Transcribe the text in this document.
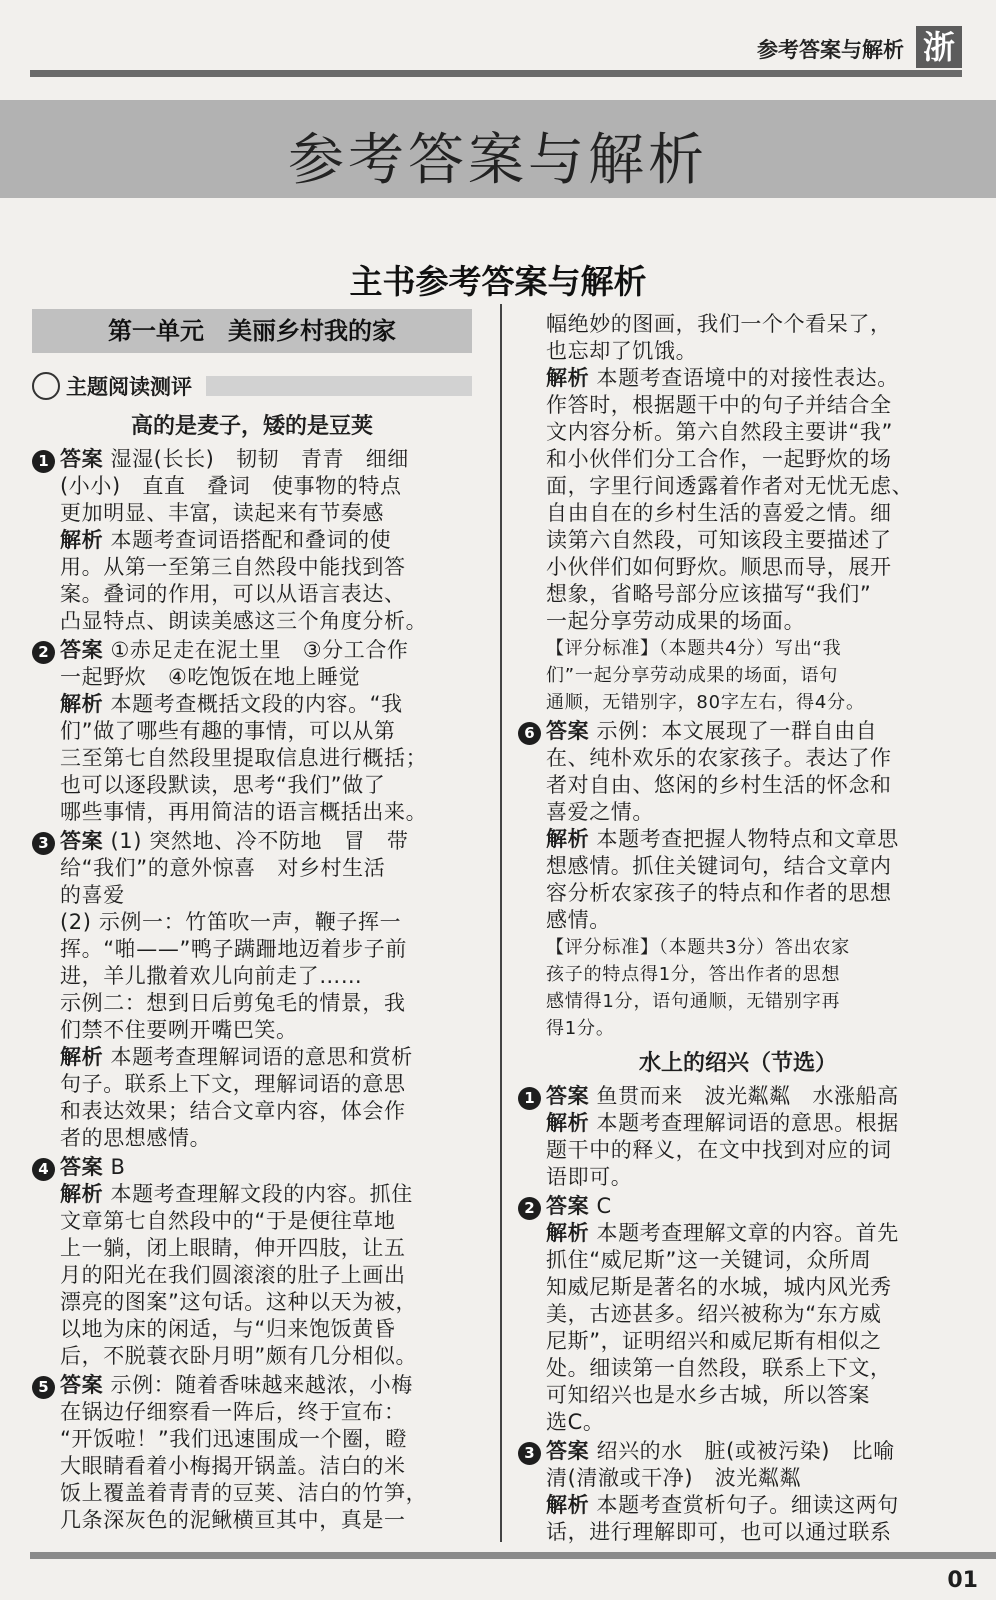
参考答案与解析 浙
参考答案与解析
主书参考答案与解析
第一单元　美丽乡村我的家
主题阅读测评
高的是麦子，矮的是豆荚
1 答案 湿湿(长长)　韧韧　青青　细细
(小小)　直直　叠词　使事物的特点
更加明显、丰富，读起来有节奏感
解析 本题考查词语搭配和叠词的使
用。从第一至第三自然段中能找到答
案。叠词的作用，可以从语言表达、
凸显特点、朗读美感这三个角度分析。
2 答案 ①赤足走在泥土里　③分工合作
一起野炊　④吃饱饭在地上睡觉
解析 本题考查概括文段的内容。“我
们”做了哪些有趣的事情，可以从第
三至第七自然段里提取信息进行概括；
也可以逐段默读，思考“我们”做了
哪些事情，再用简洁的语言概括出来。
3 答案 (1) 突然地、冷不防地　冒　带
给“我们”的意外惊喜　对乡村生活
的喜爱
(2) 示例一：竹笛吹一声，鞭子挥一
挥。“啪——”鸭子蹒跚地迈着步子前
进，羊儿撒着欢儿向前走了……
示例二：想到日后剪兔毛的情景，我
们禁不住要咧开嘴巴笑。
解析 本题考查理解词语的意思和赏析
句子。联系上下文，理解词语的意思
和表达效果；结合文章内容，体会作
者的思想感情。
4 答案 B
解析 本题考查理解文段的内容。抓住
文章第七自然段中的“于是便往草地
上一躺，闭上眼睛，伸开四肢，让五
月的阳光在我们圆滚滚的肚子上画出
漂亮的图案”这句话。这种以天为被，
以地为床的闲适，与“归来饱饭黄昏
后，不脱蓑衣卧月明”颇有几分相似。
5 答案 示例：随着香味越来越浓，小梅
在锅边仔细察看一阵后，终于宣布：
“开饭啦！”我们迅速围成一个圈，瞪
大眼睛看着小梅揭开锅盖。洁白的米
饭上覆盖着青青的豆荚、洁白的竹笋，
几条深灰色的泥鳅横亘其中，真是一
幅绝妙的图画，我们一个个看呆了，
也忘却了饥饿。
解析 本题考查语境中的对接性表达。
作答时，根据题干中的句子并结合全
文内容分析。第六自然段主要讲“我”
和小伙伴们分工合作，一起野炊的场
面，字里行间透露着作者对无忧无虑、
自由自在的乡村生活的喜爱之情。细
读第六自然段，可知该段主要描述了
小伙伴们如何野炊。顺思而导，展开
想象，省略号部分应该描写“我们”
一起分享劳动成果的场面。
【评分标准】（本题共4分）写出“我
们”一起分享劳动成果的场面，语句
通顺，无错别字，80字左右，得4分。
6 答案 示例：本文展现了一群自由自
在、纯朴欢乐的农家孩子。表达了作
者对自由、悠闲的乡村生活的怀念和
喜爱之情。
解析 本题考查把握人物特点和文章思
想感情。抓住关键词句，结合文章内
容分析农家孩子的特点和作者的思想
感情。
【评分标准】（本题共3分）答出农家
孩子的特点得1分，答出作者的思想
感情得1分，语句通顺，无错别字再
得1分。
水上的绍兴（节选）
1 答案 鱼贯而来　波光粼粼　水涨船高
解析 本题考查理解词语的意思。根据
题干中的释义，在文中找到对应的词
语即可。
2 答案 C
解析 本题考查理解文章的内容。首先
抓住“威尼斯”这一关键词，众所周
知威尼斯是著名的水城，城内风光秀
美，古迹甚多。绍兴被称为“东方威
尼斯”，证明绍兴和威尼斯有相似之
处。细读第一自然段，联系上下文，
可知绍兴也是水乡古城，所以答案
选C。
3 答案 绍兴的水　脏(或被污染)　比喻
清(清澈或干净)　波光粼粼
解析 本题考查赏析句子。细读这两句
话，进行理解即可，也可以通过联系
01
